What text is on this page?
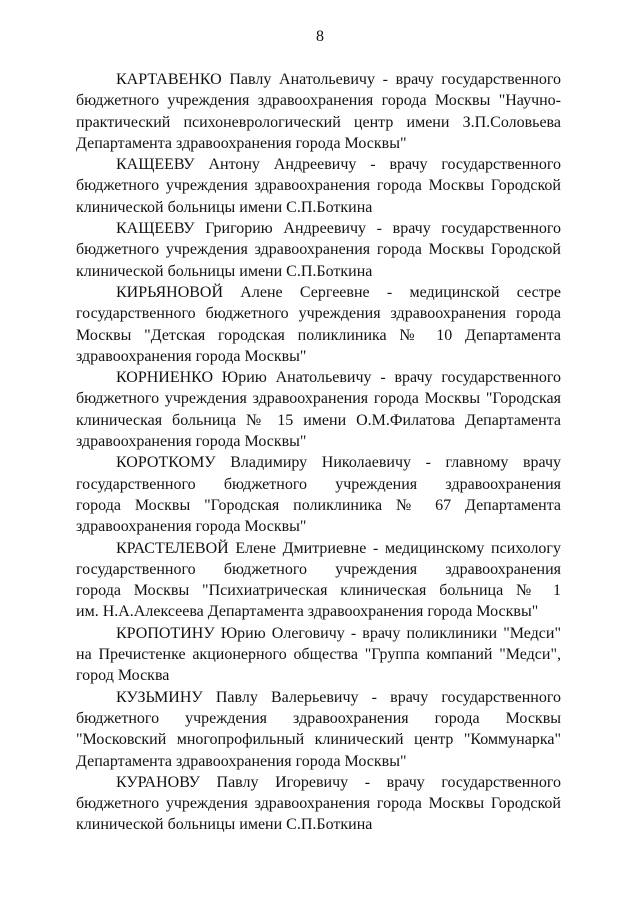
8
КАРТАВЕНКО Павлу Анатольевичу - врачу государственного
бюджетного учреждения здравоохранения города Москвы "Научно-
практический психоневрологический центр имени З.П.Соловьева
Департамента здравоохранения города Москвы"
КАЩЕЕВУ Антону Андреевичу - врачу государственного
бюджетного учреждения здравоохранения города Москвы Городской
клинической больницы имени С.П.Боткина
КАЩЕЕВУ Григорию Андреевичу - врачу государственного
бюджетного учреждения здравоохранения города Москвы Городской
клинической больницы имени С.П.Боткина
КИРЬЯНОВОЙ Алене Сергеевне - медицинской сестре
государственного бюджетного учреждения здравоохранения города
Москвы "Детская городская поликлиника № 10 Департамента
здравоохранения города Москвы"
КОРНИЕНКО Юрию Анатольевичу - врачу государственного
бюджетного учреждения здравоохранения города Москвы "Городская
клиническая больница № 15 имени О.М.Филатова Департамента
здравоохранения города Москвы"
КОРОТКОМУ Владимиру Николаевичу - главному врачу
государственного бюджетного учреждения здравоохранения
города Москвы "Городская поликлиника № 67 Департамента
здравоохранения города Москвы"
КРАСТЕЛЕВОЙ Елене Дмитриевне - медицинскому психологу
государственного бюджетного учреждения здравоохранения
города Москвы "Психиатрическая клиническая больница № 1
им. Н.А.Алексеева Департамента здравоохранения города Москвы"
КРОПОТИНУ Юрию Олеговичу - врачу поликлиники "Медси"
на Пречистенке акционерного общества "Группа компаний "Медси",
город Москва
КУЗЬМИНУ Павлу Валерьевичу - врачу государственного
бюджетного учреждения здравоохранения города Москвы
"Московский многопрофильный клинический центр "Коммунарка"
Департамента здравоохранения города Москвы"
КУРАНОВУ Павлу Игоревичу - врачу государственного
бюджетного учреждения здравоохранения города Москвы Городской
клинической больницы имени С.П.Боткина
